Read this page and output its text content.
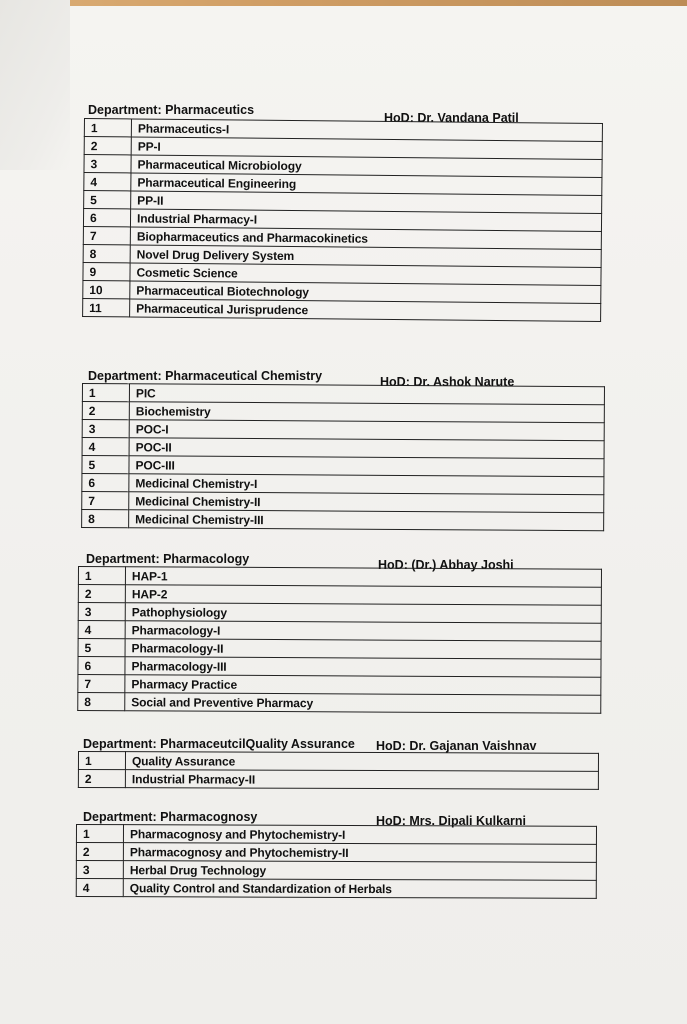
Department: Pharmaceutics
HoD: Dr. Vandana Patil
1	Pharmaceutics-I
2	PP-I
3	Pharmaceutical Microbiology
4	Pharmaceutical Engineering
5	PP-II
6	Industrial Pharmacy-I
7	Biopharmaceutics and Pharmacokinetics
8	Novel Drug Delivery System
9	Cosmetic Science
10	Pharmaceutical Biotechnology
11	Pharmaceutical Jurisprudence
Department: Pharmaceutical Chemistry	HoD: Dr. Ashok Narute
1	PIC
2	Biochemistry
3	POC-I
4	POC-II
5	POC-III
6	Medicinal Chemistry-I
7	Medicinal Chemistry-II
8	Medicinal Chemistry-III
Department: Pharmacology	HoD: (Dr.) Abhay Joshi
1	HAP-1
2	HAP-2
3	Pathophysiology
4	Pharmacology-I
5	Pharmacology-II
6	Pharmacology-III
7	Pharmacy Practice
8	Social and Preventive Pharmacy
Department: PharmaceutcilQuality Assurance HoD: Dr. Gajanan Vaishnav
1	Quality Assurance
2	Industrial Pharmacy-II
Department: Pharmacognosy	HoD: Mrs. Dipali Kulkarni
1	Pharmacognosy and Phytochemistry-I
2	Pharmacognosy and Phytochemistry-II
3	Herbal Drug Technology
4	Quality Control and Standardization of Herbals
